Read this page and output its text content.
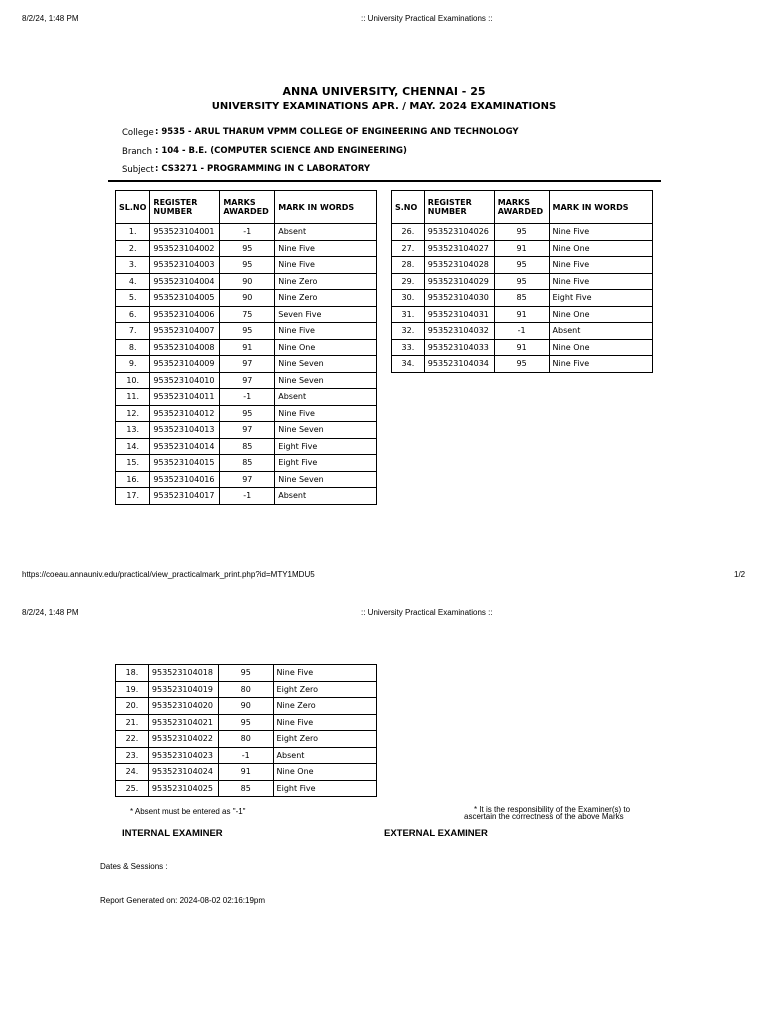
8/2/24, 1:48 PM	:: University Practical Examinations ::
ANNA UNIVERSITY, CHENNAI - 25
UNIVERSITY EXAMINATIONS APR. / MAY. 2024 EXAMINATIONS
College : 9535 - ARUL THARUM VPMM COLLEGE OF ENGINEERING AND TECHNOLOGY
Branch : 104 - B.E. (COMPUTER SCIENCE AND ENGINEERING)
Subject : CS3271 - PROGRAMMING IN C LABORATORY
SL.NO	REGISTER NUMBER	MARKS AWARDED	MARK IN WORDS
1.	953523104001	-1	Absent
2.	953523104002	95	Nine Five
3.	953523104003	95	Nine Five
4.	953523104004	90	Nine Zero
5.	953523104005	90	Nine Zero
6.	953523104006	75	Seven Five
7.	953523104007	95	Nine Five
8.	953523104008	91	Nine One
9.	953523104009	97	Nine Seven
10.	953523104010	97	Nine Seven
11.	953523104011	-1	Absent
12.	953523104012	95	Nine Five
13.	953523104013	97	Nine Seven
14.	953523104014	85	Eight Five
15.	953523104015	85	Eight Five
16.	953523104016	97	Nine Seven
17.	953523104017	-1	Absent
S.NO	REGISTER NUMBER	MARKS AWARDED	MARK IN WORDS
26.	953523104026	95	Nine Five
27.	953523104027	91	Nine One
28.	953523104028	95	Nine Five
29.	953523104029	95	Nine Five
30.	953523104030	85	Eight Five
31.	953523104031	91	Nine One
32.	953523104032	-1	Absent
33.	953523104033	91	Nine One
34.	953523104034	95	Nine Five
https://coeau.annauniv.edu/practical/view_practicalmark_print.php?id=MTY1MDU5	1/2
8/2/24, 1:48 PM	:: University Practical Examinations ::
18.	953523104018	95	Nine Five
19.	953523104019	80	Eight Zero
20.	953523104020	90	Nine Zero
21.	953523104021	95	Nine Five
22.	953523104022	80	Eight Zero
23.	953523104023	-1	Absent
24.	953523104024	91	Nine One
25.	953523104025	85	Eight Five
* Absent must be entered as "-1"	* It is the responsibility of the Examiner(s) to
ascertain the correctness of the above Marks
INTERNAL EXAMINER	EXTERNAL EXAMINER
Dates & Sessions :
Report Generated on: 2024-08-02 02:16:19pm
